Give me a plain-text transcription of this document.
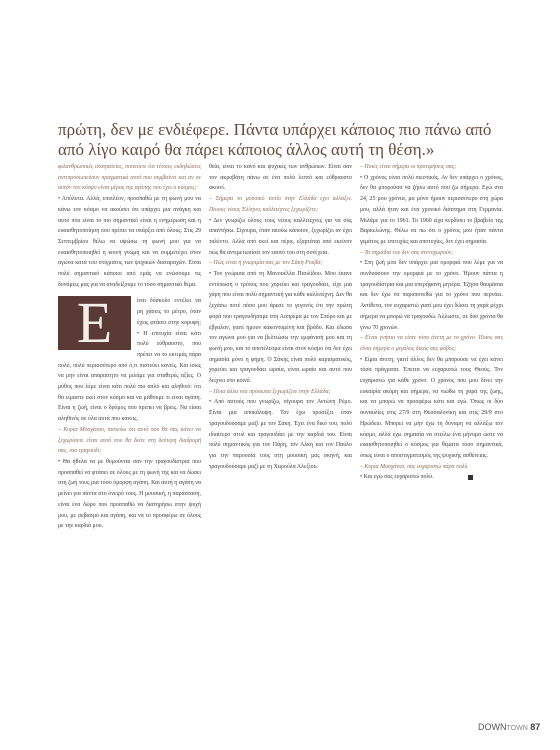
πρώτη, δεν με ενδιέφερε. Πάντα υπάρχει κάποιος πιο πάνω από
από λίγο καιρό θα πάρει κάποιος άλλος αυτή τη θέση.»

φιλανθρωπικές εκστρατείες, πιστεύετε ότι τέτοιες εκδηλώσεις αντιπροσωπεύουν πραγματικά αυτό που συμβαίνει και αν σε αυτόν τον κόσμο είναι μέρος της αγάπης που έχει ο κόσμος;

• Απόλυτα. Αλλά, επιπλέον, προσπαθώ με τη φωνή μου να κάνω τον κόσμο να ακούσει ότι υπάρχει μια ανάγκη και αυτό που είναι το πιο σημαντικό είναι η ενημέρωση και η ευαισθητοποίηση που πρέπει να υπάρξει από όλους. Στις 29 Σεπτεμβρίου θέλω να υψώσω τη φωνή μου για να ευαισθητοποιηθεί η κοινή γνώμη και να συμμετέχει στον αγώνα κατά του στίγματος των ψυχικών διαταραχών. Είναι πολύ σημαντικό κάποιοι από εμάς να ενώσουμε τις δυνάμεις μας για να αναδείξουμε το τόσο σημαντικό θέμα.

Ε	ίναι δύσκολο εντέλει να μη χάσεις το μέτρο, όταν έχεις φτάσει στην κορυφή; • Η επιτυχία είναι κάτι πολύ εύθραυστο, που πρέπει να το εκτιμάς πάρα πολύ, πολύ περισσότερο από ό,τι πιστεύει κανείς. Και ίσως να μην είναι απαραίτητο να μιλάμε για σταθερές αξίες. Ο μύθος που λέμε είναι κάτι πολύ πιο απλό και αληθινό: ότι θα είμαστε εκεί στον κόσμο και να μάθουμε τι είναι αγάπη. Είναι η ζωή, είναι ο δρόμος που πρέπει να βρεις. Να είσαι αληθινός σε όλα αυτά που κάνεις.

– Κυρία Μοσχάτου, πιστεύω ότι αυτό που θα σας κάνει να ξεχωρίσετε είναι αυτό που θα δείτε στη δεύτερη διαδρομή σας, στο τραγούδι;

• Θα ήθελα να με θυμούνται σαν την τραγουδίστρια που προσπαθεί να φτάσει σε όλους με τη φωνή της και να δώσει στη ζωή τους μια τόσο όμορφη αγάπη. Και αυτή η αγάπη να μείνει για πάντα στο όνειρό τους. Η μουσική, η παράσταση, είναι ένα δώρο που προσπαθώ να διατηρήσω στην ψυχή μου, με σεβασμό και αγάπη, και να το προσφέρω σε όλους με την καρδιά μου.

θεία, είναι το κανό και ψυχικές των ανθρώπων. Είναι σαν τον ακροβάτη πάνω σε ένα πολύ λεπτό και εύθραυστο σκοινί.

– Σήμερα το μουσικό τοπίο στην Ελλάδα έχει αλλάξει. Ποιους νέους Έλληνες καλλιτέχνες ξεχωρίζετε;

• Δεν γνωρίζω όλους τους νέους καλλιτέχνες για να σας απαντήσω. Σίγουρα, όταν ακούω κάποιον, ξεχωρίζει αν έχει ταλέντο. Αλλά από εκεί και πέρα, εξαρτάται από εκείνον πώς θα αντιμετωπίσει τον εαυτό του στη συνέχεια.

– Πώς είναι η γνωριμία σας με τον Σάκη Ρουβά;

• Τον γνώρισα από τη Μανουέλλα Παυλίδου. Μου έκανε εντύπωση ο τρόπος που χορεύει και τραγουδάει, είχε μια χάρη που είναι πολύ σημαντική για κάθε καλλιτέχνη. Δεν θα ξεχάσω ποτέ πόσο μου άρεσε το γεγονός ότι την πρώτη φορά που τραγουδήσαμε στη Ασπρέμα με τον Σπύρο και με έβγαλαν, γιατί ήμουν κακοντυμένη και βράδυ. Και έδωσα τον αγώνα μου για να βελτιώσω την εμφάνισή μου και τη φωνή μου, και το αποτέλεσμα είναι στον κόσμο ότι δεν έχει σημασία μόνο η φήμη. Ο Σάκης είναι πολύ καρισματικός, χορεύει και τραγουδάει ωραία, είναι ωραίο και αυτό που δείχνει στο κοινό.

– Ποια άλλα νέα πρόσωπα ξεχωρίζετε στην Ελλάδα;

• Από αυτούς που γνωρίζω, σίγουρα τον Αντώνη Ρέμο. Είναι μια αποκάλυψη. Τον έχω προσέξει όταν τραγουδούσαμε μαζί με τον Σάκη. Έχει ένα δικό του, πολύ ιδιαίτερο στυλ και τραγουδάει με την καρδιά του. Είναι πολύ σημαντικός για τον Πάρη, τον Αλκη και τον Παύλο για την παρουσία τους στη μουσική μας σκηνή, και τραγουδούσαμε μαζί με τη Χαρούλα Αλεξίου.

– Ποιες είναι σήμερα οι προτιμήσεις σας;

• Ο χρόνος είναι πολύ πιεστικός. Αν δεν υπάρχει ο χρόνος, δεν θα μπορούσα να ζήσω αυτό που ζω σήμερα. Εγώ στα 24, 25 μου χρόνια, μα μόνο ήμουν περισσότερο στη χώρα μου, αλλά ήταν και ένα χρονικό διάστημα στη Γερμανία. Μιλάμε για το 1961. Το 1960 είχα κερδίσει το βραβείο της Βαρκελώνης. Θέλω να πω ότι ο χρόνος μου ήταν πάντα γεμάτος με επιτυχίες και αποτυχίες, δεν έχει σημασία.

– Τα σημάδια του δεν σας στενοχωρούν;

• Στη ζωή μου δεν υπάρχει μια ομορφιά που λέμε για να συνδυάσουν την ομορφιά με το χρόνο. Ήμουν πάντα η τραγουδίστρια και μια υπερήφανη μητέρα. Έζησα θαυμάσια και δεν έχω να παραπονεθώ για το χρόνο που περνάει. Αντίθετα, τον ευχαριστώ γιατί μου έχει δώσει τη χαρά μέχρι σήμερα να μπορώ να τραγουδώ. Άλλωστε, σε δύο χρόνια θα γίνω 70 χρονών.

– Είναι γνήσιο να είστε τόσο άνετη με το χρόνο. Ποιος σας είναι σήμερα ο μεγάλος δικός σας φόβος;

• Είμαι άνετη, γιατί άλλος δεν θα μπορούσε να έχει κάνει τόσα πράγματα. Έπειτα να ευχαριστώ τους Θεούς. Τον ευχαριστώ για κάθε χρόνο. Ο χρόνος που μου δίνει την ευκαιρία ακόμη και σήμερα, να νιώθω τη χαρά της ζωής, και να μπορώ να προσφέρω κάτι και εγώ. Όπως οι δύο συναυλίες στις 27/9 στη Θεσσαλονίκη και στις 29/9 στο Ηρώδειο. Μπορεί να μην έχω τη δύναμη να αλλάξω τον κόσμο, αλλά έχω σημασία να στείλω ένα μήνυμα ώστε να ευαισθητοποιηθεί ο κόσμος για θέματα τόσο σημαντικά, όπως είναι ο αποστιγματισμός της ψυχικής ασθένειας.

– Κυρία Μοσχάτου, σας ευχαριστώ πάρα πολύ.

• Και εγώ σας ευχαριστώ πολύ.

DOWNTOWN 87
